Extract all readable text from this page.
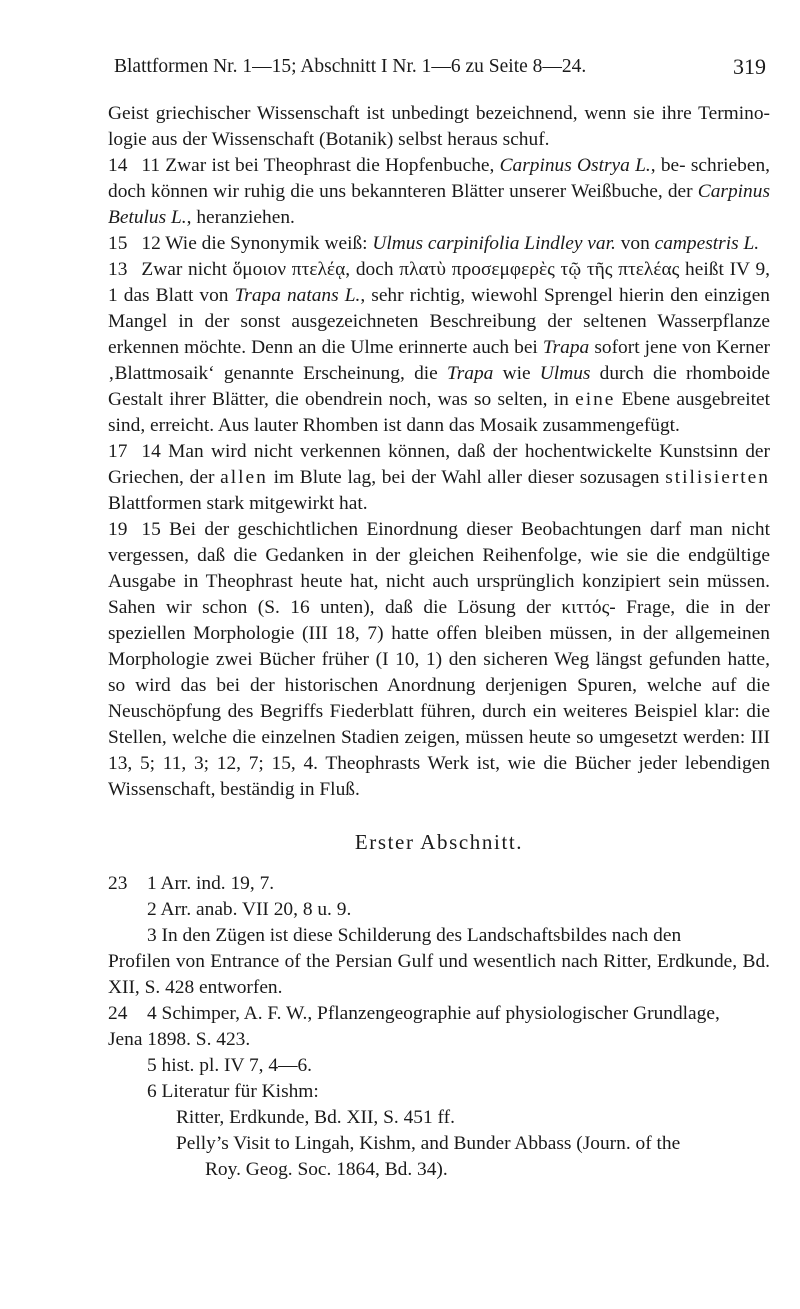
Blattformen Nr. 1—15; Abschnitt I Nr. 1—6 zu Seite 8—24.	319

Geist griechischer Wissenschaft ist unbedingt bezeichnend, wenn sie ihre Termino- logie aus der Wissenschaft (Botanik) selbst heraus schuf.

14 11 Zwar ist bei Theophrast die Hopfenbuche, Carpinus Ostrya L., be- schrieben, doch können wir ruhig die uns bekannteren Blätter unserer Weißbuche, der Carpinus Betulus L., heranziehen.

15 12 Wie die Synonymik weiß: Ulmus carpinifolia Lindley var. von campestris L.

13 Zwar nicht ὅμοιον πτελέᾳ, doch πλατὺ προσεμφερὲς τῷ τῆς πτελέας heißt IV 9, 1 das Blatt von Trapa natans L., sehr richtig, wiewohl Sprengel hierin den einzigen Mangel in der sonst ausgezeichneten Beschreibung der seltenen Wasserpflanze erkennen möchte. Denn an die Ulme erinnerte auch bei Trapa sofort jene von Kerner ‚Blattmosaik‘ genannte Erscheinung, die Trapa wie Ulmus durch die rhomboide Gestalt ihrer Blätter, die obendrein noch, was so selten, in eine Ebene ausgebreitet sind, erreicht. Aus lauter Rhomben ist dann das Mosaik zusammengefügt.

17 14 Man wird nicht verkennen können, daß der hochentwickelte Kunstsinn der Griechen, der allen im Blute lag, bei der Wahl aller dieser sozusagen stilisierten Blattformen stark mitgewirkt hat.

19 15 Bei der geschichtlichen Einordnung dieser Beobachtungen darf man nicht vergessen, daß die Gedanken in der gleichen Reihenfolge, wie sie die endgültige Ausgabe in Theophrast heute hat, nicht auch ursprünglich konzipiert sein müssen. Sahen wir schon (S. 16 unten), daß die Lösung der κιττός- Frage, die in der speziellen Morphologie (III 18, 7) hatte offen bleiben müssen, in der allgemeinen Morphologie zwei Bücher früher (I 10, 1) den sicheren Weg längst gefunden hatte, so wird das bei der historischen Anordnung derjenigen Spuren, welche auf die Neuschöpfung des Begriffs Fiederblatt führen, durch ein weiteres Beispiel klar: die Stellen, welche die einzelnen Stadien zeigen, müssen heute so umgesetzt werden: III 13, 5; 11, 3; 12, 7; 15, 4. Theophrasts Werk ist, wie die Bücher jeder lebendigen Wissenschaft, beständig in Fluß.

Erster Abschnitt.

23 1 Arr. ind. 19, 7.

2 Arr. anab. VII 20, 8 u. 9.

3 In den Zügen ist diese Schilderung des Landschaftsbildes nach den

Profilen von Entrance of the Persian Gulf und wesentlich nach Ritter, Erdkunde, Bd. XII, S. 428 entworfen.

24 4 Schimper, A. F. W., Pflanzengeographie auf physiologischer Grundlage,

Jena 1898. S. 423.

5 hist. pl. IV 7, 4—6.

6 Literatur für Kishm:

Ritter, Erdkunde, Bd. XII, S. 451 ff.

Pelly’s Visit to Lingah, Kishm, and Bunder Abbass (Journ. of the

Roy. Geog. Soc. 1864, Bd. 34).
